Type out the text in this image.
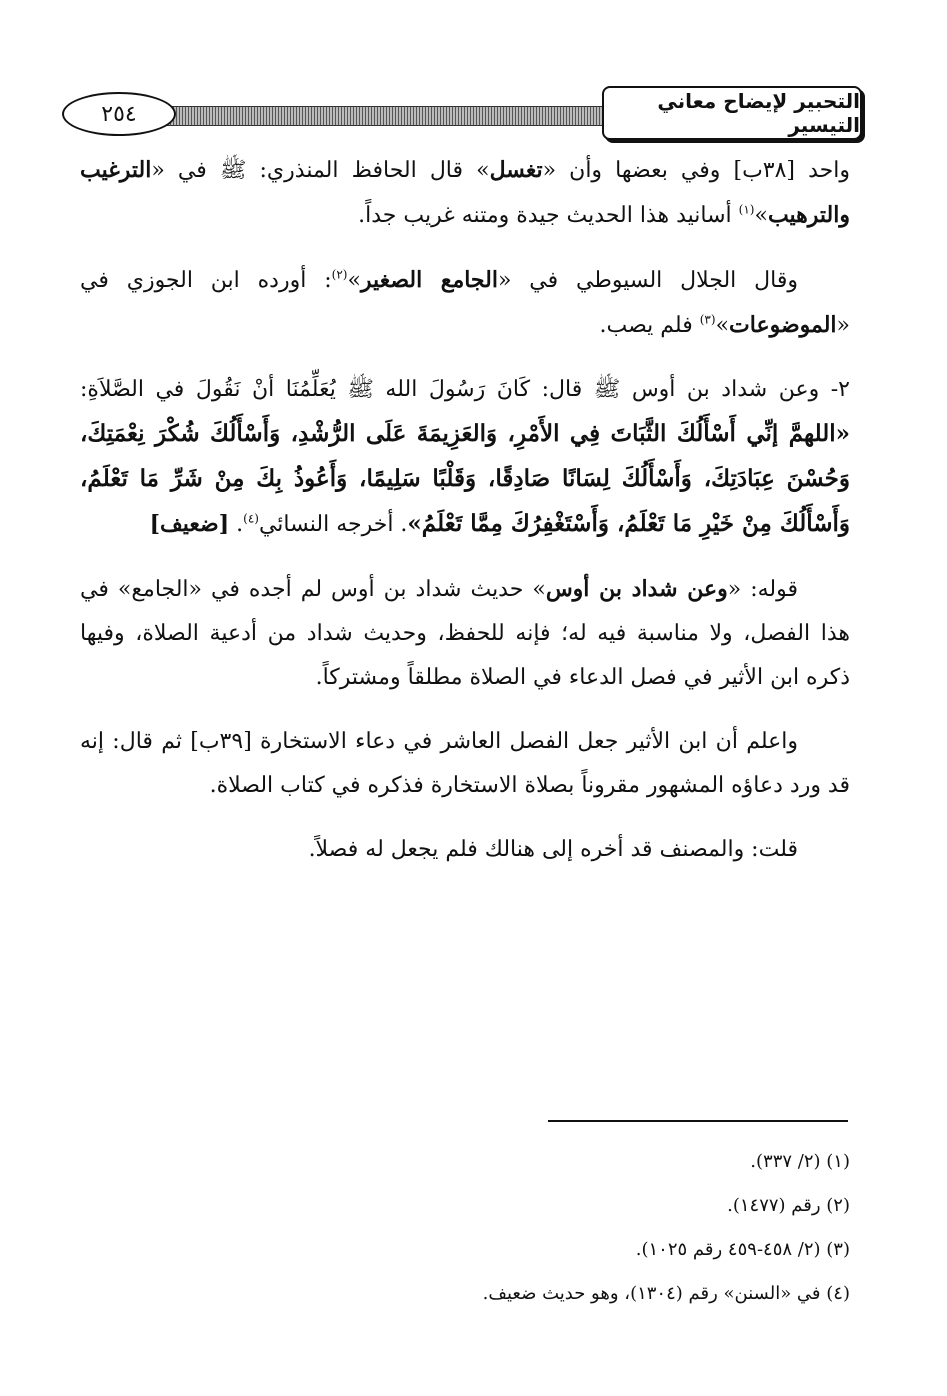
٢٥٤
التحبير لإيضاح معاني التيسير

واحد [٣٨ب] وفي بعضها وأن «تغسل» قال الحافظ المنذري: ﷺ في «الترغيب والترهيب»$^{(١)}$ أسانيد هذا الحديث جيدة ومتنه غريب جداً.

وقال الجلال السيوطي في «الجامع الصغير»$^{(٢)}$: أورده ابن الجوزي في «الموضوعات»$^{(٣)}$ فلم يصب.

٢- وعن شداد بن أوس ﷺ قال: كَانَ رَسُولَ الله ﷺ يُعَلِّمُنَا أنْ نَقُولَ في الصَّلاَةِ: «اللهمَّ إنِّي أَسْأَلُكَ الثَّبَاتَ فِي الأَمْرِ، وَالعَزِيمَةَ عَلَى الرُّشْدِ، وَأَسْأَلُكَ شُكْرَ نِعْمَتِكَ، وَحُسْنَ عِبَادَتِكَ، وَأَسْأَلُكَ لِسَانًا صَادِقًا، وَقَلْبًا سَلِيمًا، وَأَعُوذُ بِكَ مِنْ شَرِّ مَا تَعْلَمُ، وَأَسْأَلُكَ مِنْ خَيْرِ مَا تَعْلَمُ، وَأَسْتَغْفِرُكَ مِمَّا تَعْلَمُ». أخرجه النسائي$^{(٤)}$. [ضعيف]

قوله: «وعن شداد بن أوس» حديث شداد بن أوس لم أجده في «الجامع» في هذا الفصل، ولا مناسبة فيه له؛ فإنه للحفظ، وحديث شداد من أدعية الصلاة، وفيها ذكره ابن الأثير في فصل الدعاء في الصلاة مطلقاً ومشتركاً.

واعلم أن ابن الأثير جعل الفصل العاشر في دعاء الاستخارة [٣٩ب] ثم قال: إنه قد ورد دعاؤه المشهور مقروناً بصلاة الاستخارة فذكره في كتاب الصلاة.

قلت: والمصنف قد أخره إلى هنالك فلم يجعل له فصلاً.

(١) (٢/ ٣٣٧).
(٢) رقم (١٤٧٧).
(٣) (٢/ ٤٥٨-٤٥٩ رقم ١٠٢٥).
(٤) في «السنن» رقم (١٣٠٤)، وهو حديث ضعيف.
